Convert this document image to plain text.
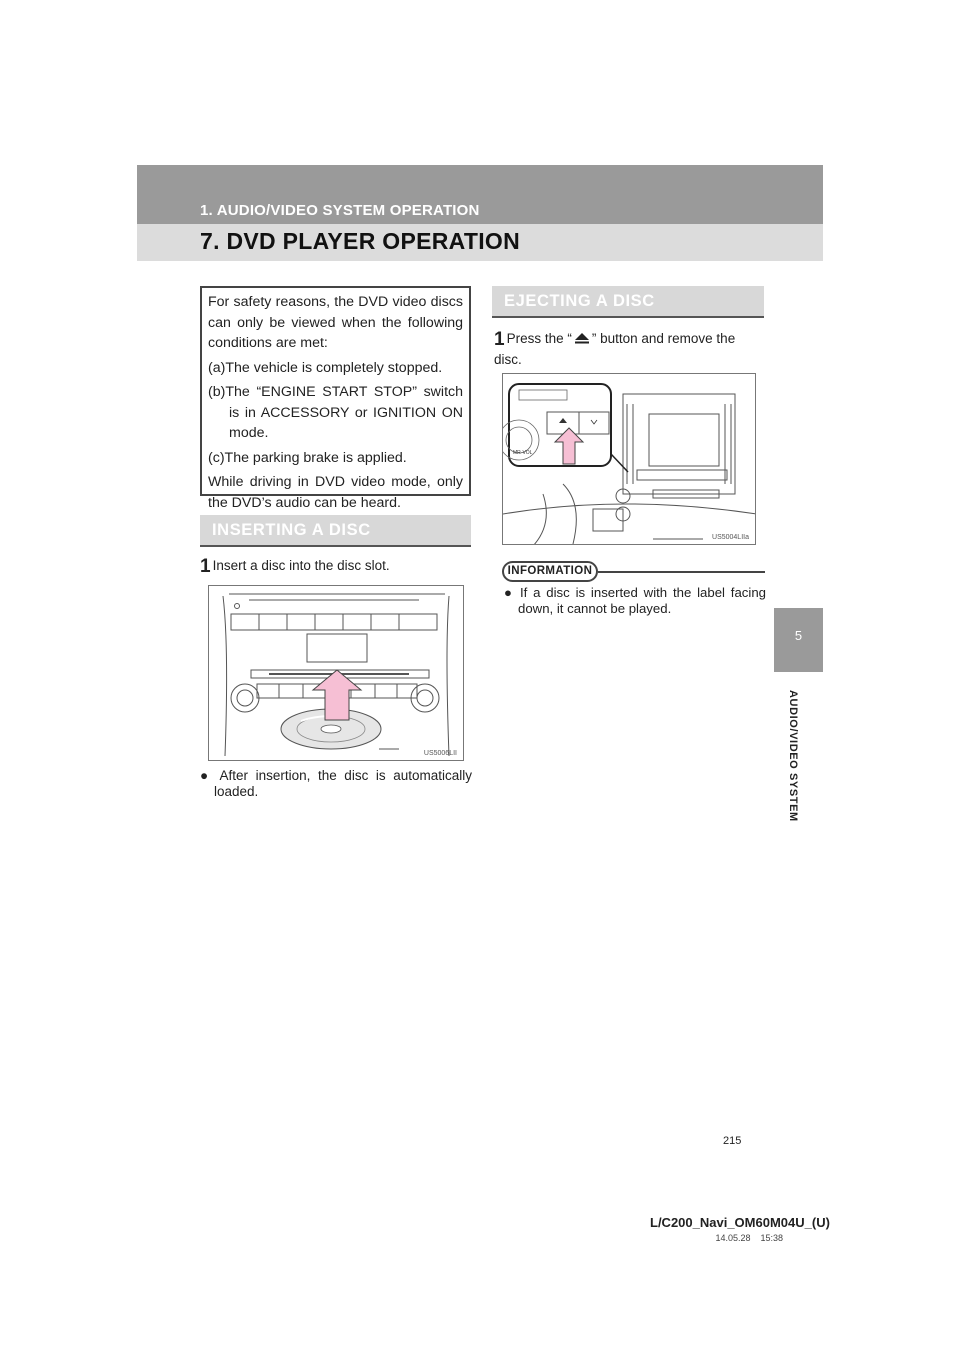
1. AUDIO/VIDEO SYSTEM OPERATION
7. DVD PLAYER OPERATION
5
AUDIO/VIDEO SYSTEM

For safety reasons, the DVD video discs can only be viewed when the following conditions are met:

(a)The vehicle is completely stopped.

(b)The “ENGINE START STOP” switch is in ACCESSORY or IGNITION ON mode.

(c)The parking brake is applied.

While driving in DVD video mode, only the DVD’s audio can be heard.

INSERTING A DISC
1 Insert a disc into the disc slot.
US5006LII
● After insertion, the disc is automatically loaded.
EJECTING A DISC
1 Press the “ ” button and remove the disc.
MR-VOL
US5004LIIa
INFORMATION
● If a disc is inserted with the label facing down, it cannot be played.
215
L/C200_Navi_OM60M04U_(U)
14.05.28    15:38
